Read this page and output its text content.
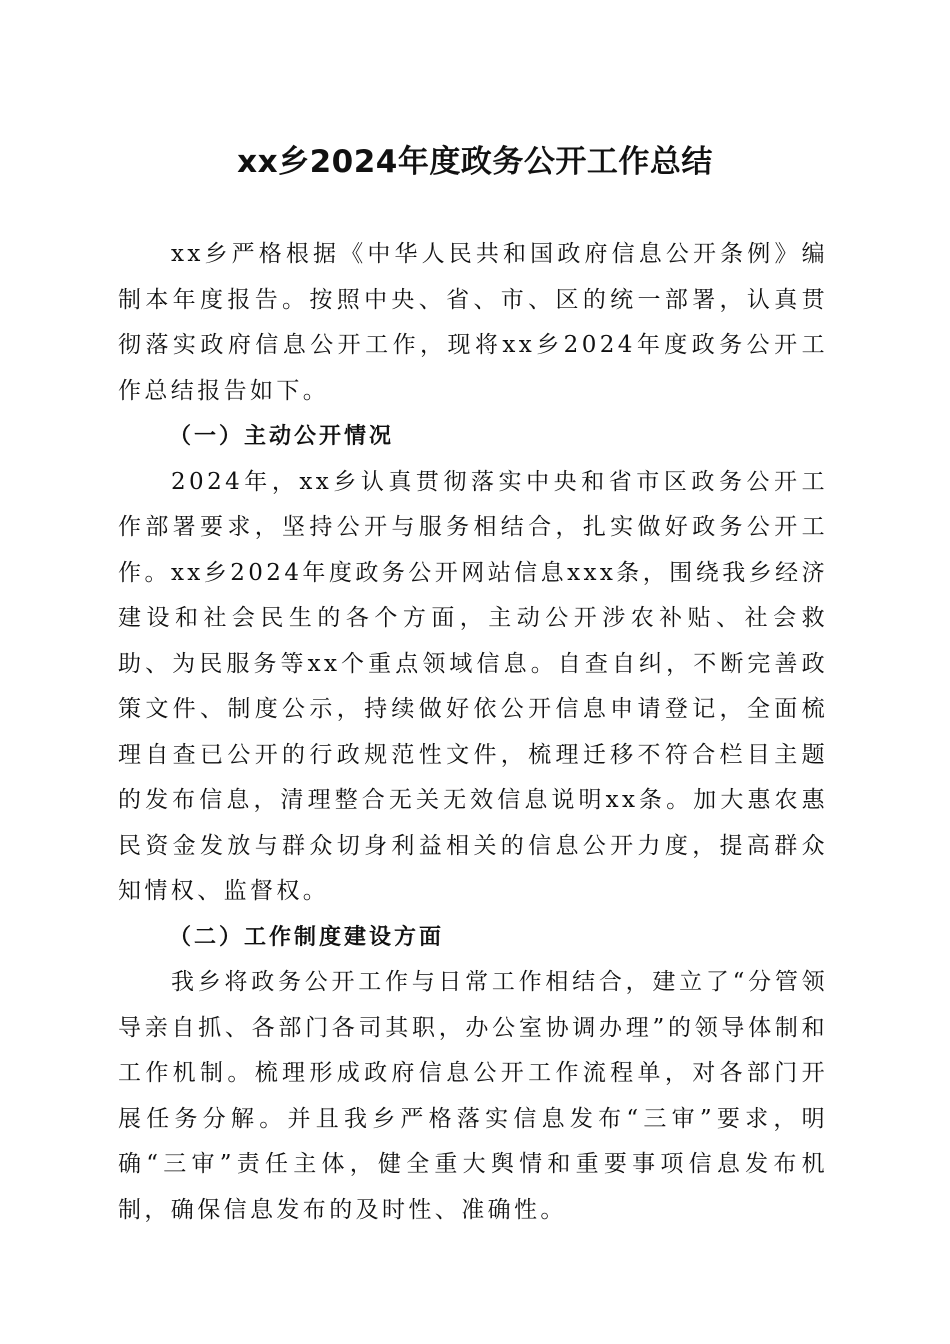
xx乡2024年度政务公开工作总结

xx乡严格根据《中华人民共和国政府信息公开条例》编制本年度报告。按照中央、省、市、区的统一部署，认真贯彻落实政府信息公开工作，现将xx乡2024年度政务公开工作总结报告如下。

（一）主动公开情况

2024年，xx乡认真贯彻落实中央和省市区政务公开工作部署要求，坚持公开与服务相结合，扎实做好政务公开工作。xx乡2024年度政务公开网站信息xxx条，围绕我乡经济建设和社会民生的各个方面，主动公开涉农补贴、社会救助、为民服务等xx个重点领域信息。自查自纠，不断完善政策文件、制度公示，持续做好依公开信息申请登记，全面梳理自查已公开的行政规范性文件，梳理迁移不符合栏目主题的发布信息，清理整合无关无效信息说明xx条。加大惠农惠民资金发放与群众切身利益相关的信息公开力度，提高群众知情权、监督权。

（二）工作制度建设方面

我乡将政务公开工作与日常工作相结合，建立了“分管领导亲自抓、各部门各司其职，办公室协调办理”的领导体制和工作机制。梳理形成政府信息公开工作流程单，对各部门开展任务分解。并且我乡严格落实信息发布“三审”要求，明确“三审”责任主体，健全重大舆情和重要事项信息发布机制，确保信息发布的及时性、准确性。
